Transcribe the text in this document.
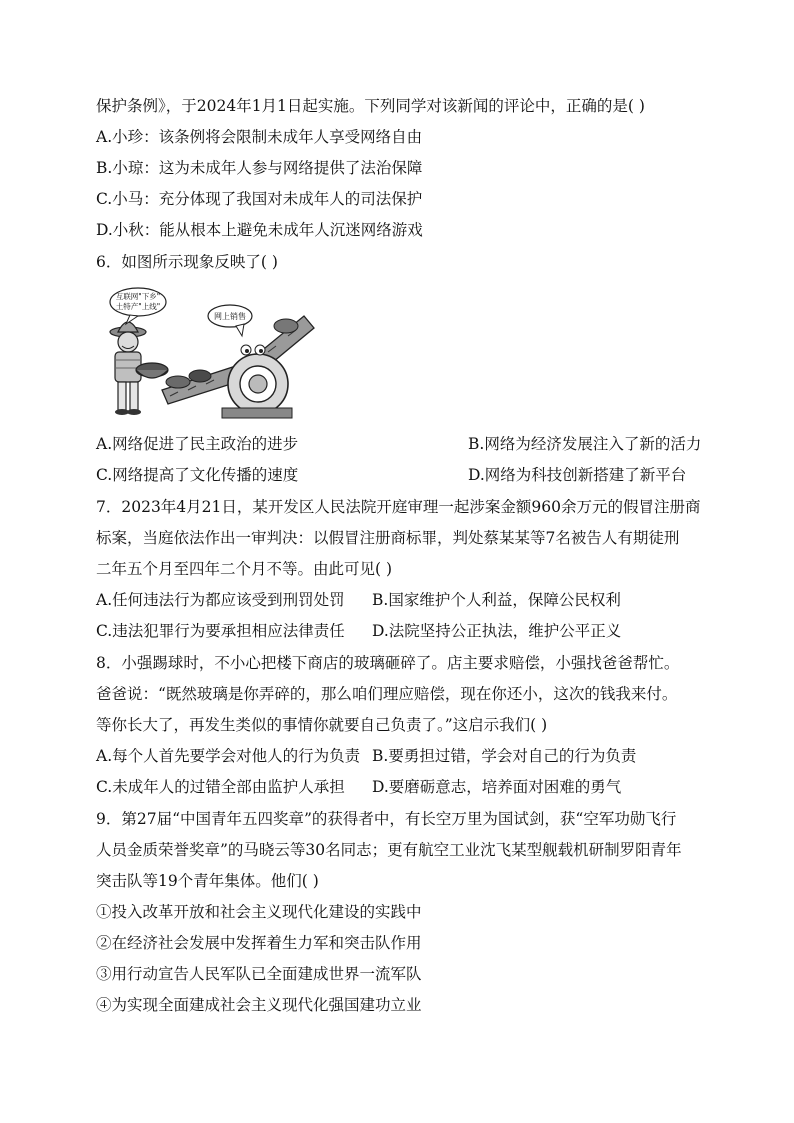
保护条例》，于2024年1月1日起实施。下列同学对该新闻的评论中，正确的是( )
A.小珍：该条例将会限制未成年人享受网络自由
B.小琼：这为未成年人参与网络提供了法治保障
C.小马：充分体现了我国对未成年人的司法保护
D.小秋：能从根本上避免未成年人沉迷网络游戏
6．如图所示现象反映了( )
互联网"下乡"
土特产"上线"
网上销售
A.网络促进了民主政治的进步	B.网络为经济发展注入了新的活力
C.网络提高了文化传播的速度	D.网络为科技创新搭建了新平台
7．2023年4月21日，某开发区人民法院开庭审理一起涉案金额960余万元的假冒注册商
标案，当庭依法作出一审判决：以假冒注册商标罪，判处蔡某某等7名被告人有期徒刑
二年五个月至四年二个月不等。由此可见( )
A.任何违法行为都应该受到刑罚处罚 B.国家维护个人利益，保障公民权利
C.违法犯罪行为要承担相应法律责任 D.法院坚持公正执法，维护公平正义
8．小强踢球时，不小心把楼下商店的玻璃砸碎了。店主要求赔偿，小强找爸爸帮忙。
爸爸说：“既然玻璃是你弄碎的，那么咱们理应赔偿，现在你还小，这次的钱我来付。
等你长大了，再发生类似的事情你就要自己负责了。”这启示我们( )
A.每个人首先要学会对他人的行为负责 B.要勇担过错，学会对自己的行为负责
C.未成年人的过错全部由监护人承担 D.要磨砺意志，培养面对困难的勇气
9．第27届“中国青年五四奖章”的获得者中，有长空万里为国试剑，获“空军功勋飞行
人员金质荣誉奖章”的马晓云等30名同志；更有航空工业沈飞某型舰载机研制罗阳青年
突击队等19个青年集体。他们( )
①投入改革开放和社会主义现代化建设的实践中
②在经济社会发展中发挥着生力军和突击队作用
③用行动宣告人民军队已全面建成世界一流军队
④为实现全面建成社会主义现代化强国建功立业
